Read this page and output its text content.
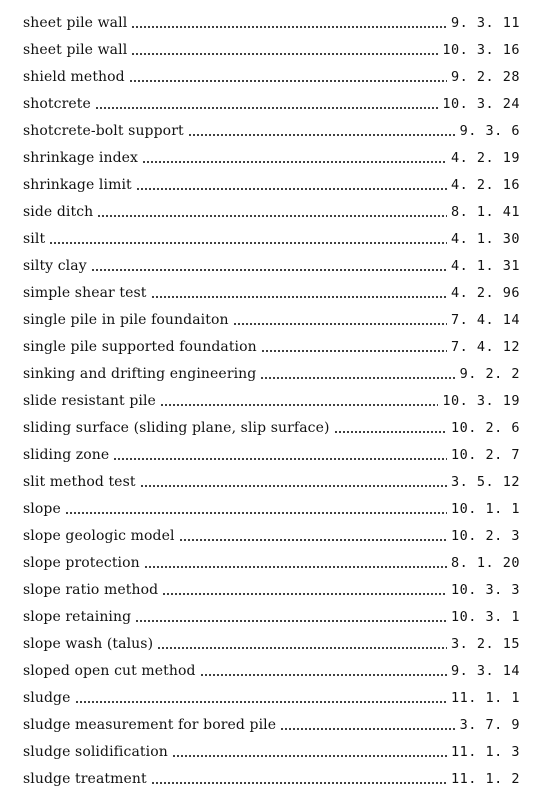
sheet pile wall	9. 3. 11
sheet pile wall	10. 3. 16
shield method	9. 2. 28
shotcrete	10. 3. 24
shotcrete-bolt support	9. 3. 6
shrinkage index	4. 2. 19
shrinkage limit	4. 2. 16
side ditch	8. 1. 41
silt	4. 1. 30
silty clay	4. 1. 31
simple shear test	4. 2. 96
single pile in pile foundaiton	7. 4. 14
single pile supported foundation	7. 4. 12
sinking and drifting engineering	9. 2. 2
slide resistant pile	10. 3. 19
sliding surface (sliding plane, slip surface)	10. 2. 6
sliding zone	10. 2. 7
slit method test	3. 5. 12
slope	10. 1. 1
slope geologic model	10. 2. 3
slope protection	8. 1. 20
slope ratio method	10. 3. 3
slope retaining	10. 3. 1
slope wash (talus)	3. 2. 15
sloped open cut method	9. 3. 14
sludge	11. 1. 1
sludge measurement for bored pile	3. 7. 9
sludge solidification	11. 1. 3
sludge treatment	11. 1. 2
